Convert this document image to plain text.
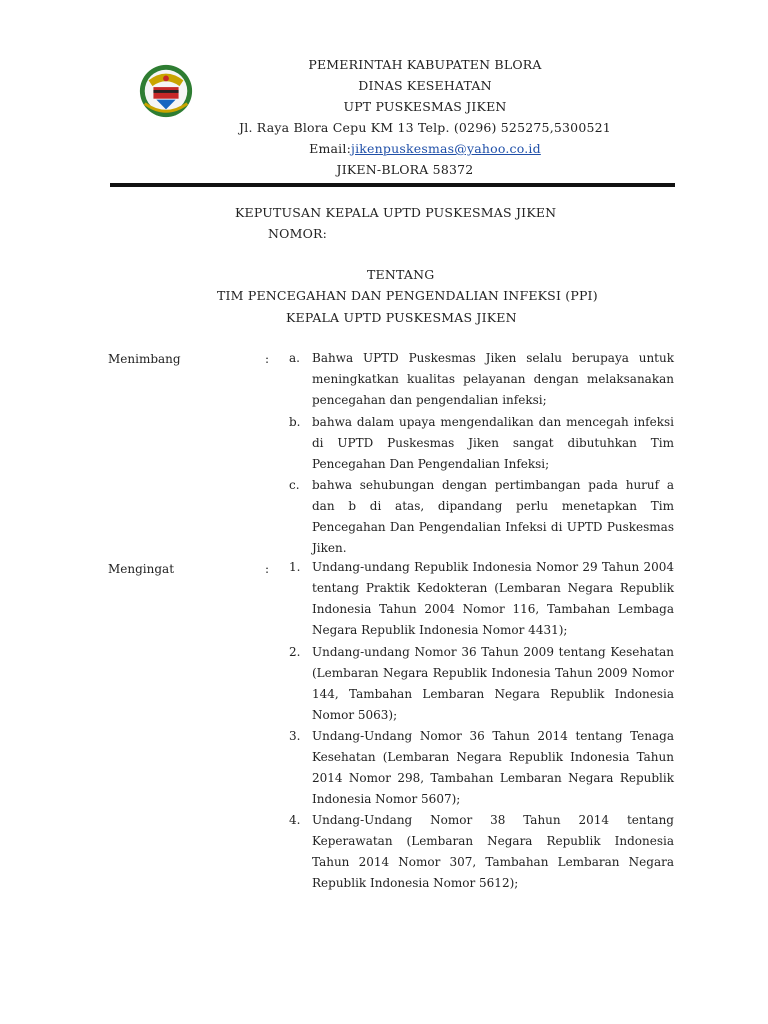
PEMERINTAH KABUPATEN BLORA
DINAS KESEHATAN
UPT PUSKESMAS JIKEN
Jl. Raya Blora Cepu KM 13 Telp. (0296) 525275,5300521
Email:jikenpuskesmas@yahoo.co.id
JIKEN-BLORA 58372
KEPUTUSAN KEPALA UPTD PUSKESMAS JIKEN
NOMOR:
TENTANG
TIM PENCEGAHAN DAN PENGENDALIAN INFEKSI (PPI)
KEPALA UPTD PUSKESMAS JIKEN
Menimbang	: a.	Bahwa UPTD Puskesmas Jiken selalu berupaya untuk meningkatkan kualitas pelayanan dengan melaksanakan pencegahan dan pengendalian infeksi;
b. bahwa dalam upaya mengendalikan dan mencegah infeksi di UPTD Puskesmas Jiken sangat dibutuhkan Tim Pencegahan Dan Pengendalian Infeksi;
c.	bahwa sehubungan dengan pertimbangan pada huruf a dan b di atas, dipandang perlu menetapkan Tim Pencegahan Dan Pengendalian Infeksi di UPTD Puskesmas Jiken.
Mengingat	: 1. Undang-undang Republik Indonesia Nomor 29 Tahun 2004 tentang Praktik Kedokteran (Lembaran Negara Republik Indonesia Tahun 2004 Nomor 116, Tambahan Lembaga Negara Republik Indonesia Nomor 4431);
2. Undang-undang Nomor 36 Tahun 2009 tentang Kesehatan (Lembaran Negara Republik Indonesia Tahun 2009 Nomor 144, Tambahan Lembaran Negara Republik Indonesia Nomor 5063);
3. Undang-Undang Nomor 36 Tahun 2014 tentang Tenaga Kesehatan (Lembaran Negara Republik Indonesia Tahun 2014 Nomor 298, Tambahan Lembaran Negara Republik Indonesia Nomor 5607);
4. Undang-Undang Nomor 38 Tahun 2014 tentang Keperawatan (Lembaran Negara Republik Indonesia Tahun 2014 Nomor 307, Tambahan Lembaran Negara Republik Indonesia Nomor 5612);
